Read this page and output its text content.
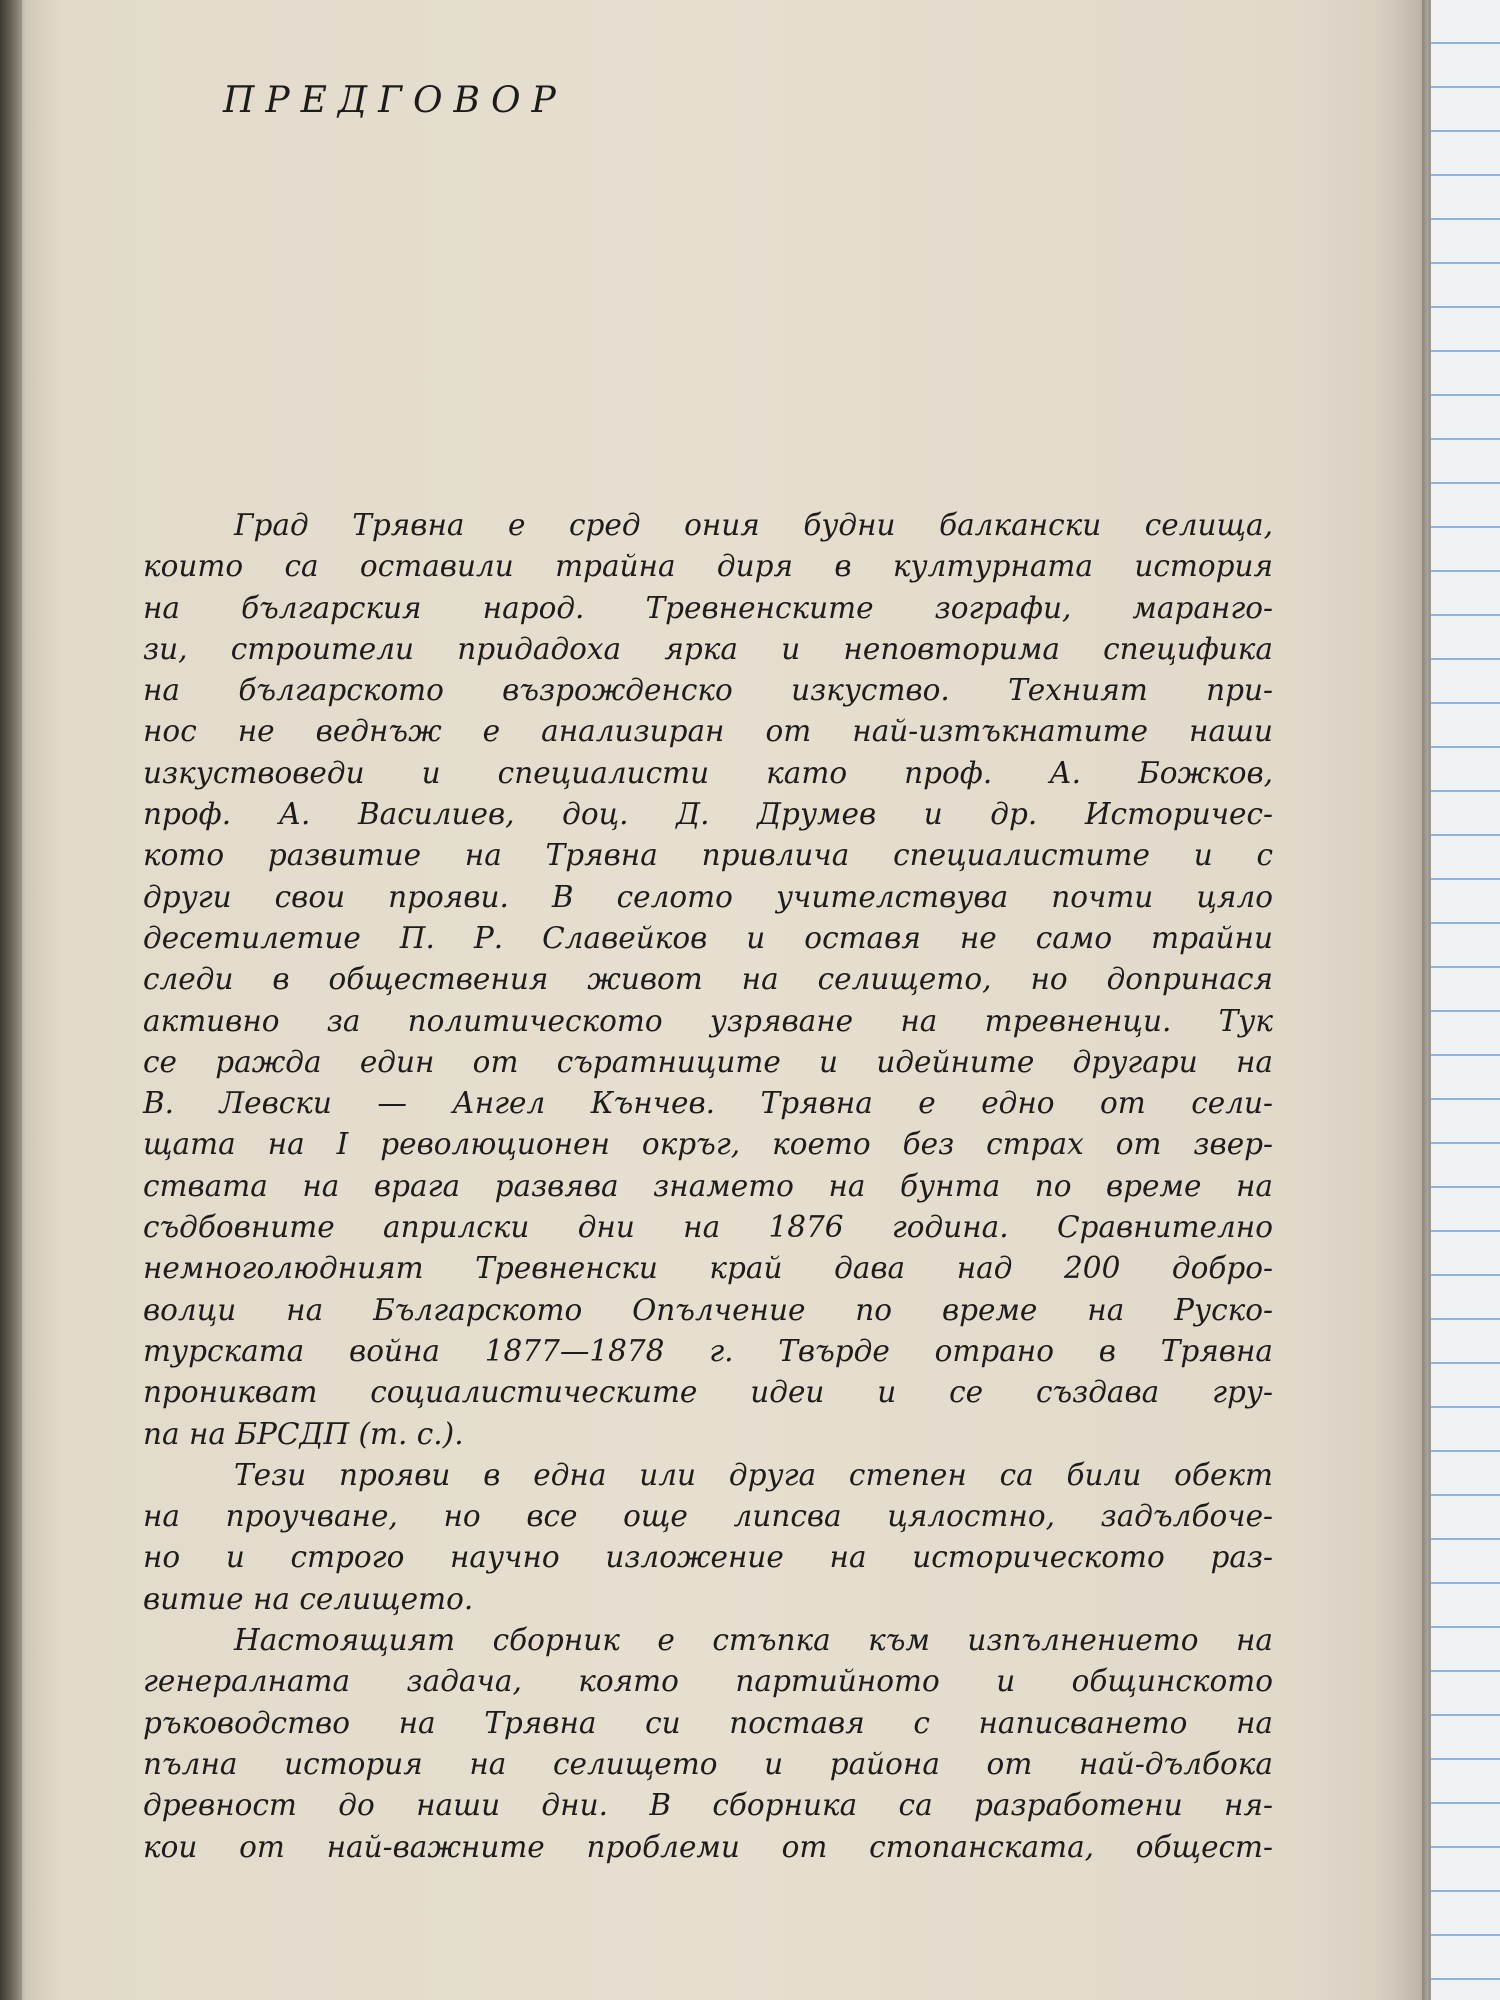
ПРЕДГОВОР

Град Трявна е сред ония будни балкански селища,
които са оставили трайна диря в културната история
на българския народ. Тревненските зографи, марангo-
зи, строители придадоха ярка и неповторима специфика
на българското възрожденско изкуство. Техният при-
нос не веднъж е анализиран от най-изтъкнатите наши
изкуствоведи и специалисти като проф. А. Божков,
проф. А. Василиев, доц. Д. Друмев и др. Историчес-
кото развитие на Трявна привлича специалистите и с
други свои прояви. В селото учителствува почти цяло
десетилетие П. Р. Славейков и оставя не само трайни
следи в обществения живот на селището, но допринася
активно за политическото узряване на тревненци. Тук
се ражда един от съратниците и идейните другари на
В. Левски — Ангел Кънчев. Трявна е едно от сели-
щата на I революционен окръг, което без страх от звер-
ствата на врага развява знамето на бунта по време на
съдбовните априлски дни на 1876 година. Сравнително
немноголюдният Тревненски край дава над 200 добро-
волци на Българското Опълчение по време на Руско-
турската война 1877—1878 г. Твърде отрано в Трявна
проникват социалистическите идеи и се създава гру-
па на БРСДП (т. с.).

Тези прояви в една или друга степен са били обект
на проучване, но все още липсва цялостно, задълбоче-
но и строго научно изложение на историческото раз-
витие на селището.

Настоящият сборник е стъпка към изпълнението на
генералната задача, която партийното и общинското
ръководство на Трявна си поставя с написването на
пълна история на селището и района от най-дълбока
древност до наши дни. В сборника са разработени ня-
кои от най-важните проблеми от стопанската, общест-
